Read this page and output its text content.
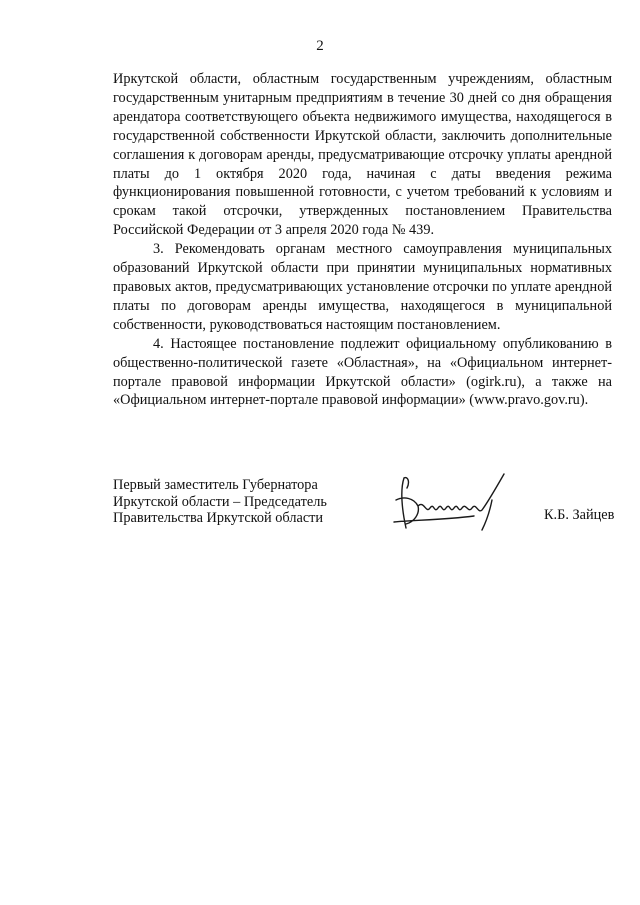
2

Иркутской области, областным государственным учреждениям, областным государственным унитарным предприятиям в течение 30 дней со дня обращения арендатора соответствующего объекта недвижимого имущества, находящегося в государственной собственности Иркутской области, заключить дополнительные соглашения к договорам аренды, предусматривающие отсрочку уплаты арендной платы до 1 октября 2020 года, начиная с даты введения режима функционирования повышенной готовности, с учетом требований к условиям и срокам такой отсрочки, утвержденных постановлением Правительства Российской Федерации от 3 апреля 2020 года № 439.

3. Рекомендовать органам местного самоуправления муниципальных образований Иркутской области при принятии муниципальных нормативных правовых актов, предусматривающих установление отсрочки по уплате арендной платы по договорам аренды имущества, находящегося в муниципальной собственности, руководствоваться настоящим постановлением.

4. Настоящее постановление подлежит официальному опубликованию в общественно-политической газете «Областная», на «Официальном интернет-портале правовой информации Иркутской области» (ogirk.ru), а также на «Официальном интернет-портале правовой информации» (www.pravo.gov.ru).

Первый заместитель Губернатора
Иркутской области – Председатель
Правительства Иркутской области	К.Б. Зайцев
